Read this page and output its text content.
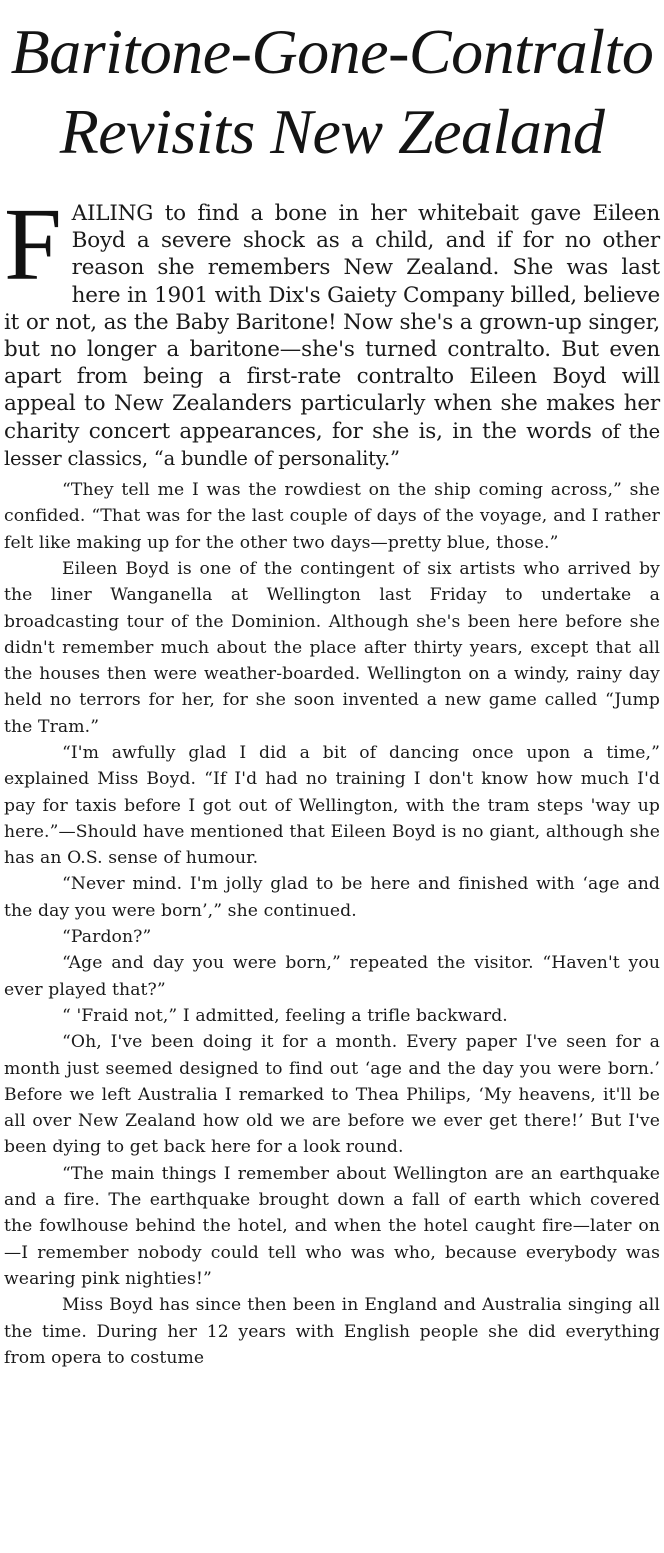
Baritone-Gone-Contralto
Revisits New Zealand

FAILING to find a bone in her whitebait gave Eileen Boyd a severe shock as a child, and if for no other reason she remembers New Zealand. She was last here in 1901 with Dix's Gaiety Company billed, believe it or not, as the Baby Baritone! Now she's a grown-up singer, but no longer a baritone—she's turned contralto. But even apart from being a first-rate contralto Eileen Boyd will appeal to New Zealanders particularly when she makes her charity concert appearances, for she is, in the words of the lesser classics, “a bundle of personality.”

“They tell me I was the rowdiest on the ship coming across,” she confided. “That was for the last couple of days of the voyage, and I rather felt like making up for the other two days—pretty blue, those.”

Eileen Boyd is one of the contingent of six artists who arrived by the liner Wanganella at Wellington last Friday to undertake a broadcasting tour of the Dominion. Although she's been here before she didn't remember much about the place after thirty years, except that all the houses then were weather-boarded. Wellington on a windy, rainy day held no terrors for her, for she soon invented a new game called “Jump the Tram.”

“I'm awfully glad I did a bit of dancing once upon a time,” explained Miss Boyd. “If I'd had no training I don't know how much I'd pay for taxis before I got out of Wellington, with the tram steps 'way up here.”—Should have mentioned that Eileen Boyd is no giant, although she has an O.S. sense of humour.

“Never mind. I'm jolly glad to be here and finished with ‘age and the day you were born’,” she continued.

“Pardon?”

“Age and day you were born,” repeated the visitor. “Haven't you ever played that?”

“ 'Fraid not,” I admitted, feeling a trifle backward.

“Oh, I've been doing it for a month. Every paper I've seen for a month just seemed designed to find out ‘age and the day you were born.’ Before we left Australia I remarked to Thea Philips, ‘My heavens, it'll be all over New Zealand how old we are before we ever get there!’ But I've been dying to get back here for a look round.

“The main things I remember about Wellington are an earthquake and a fire. The earthquake brought down a fall of earth which covered the fowlhouse behind the hotel, and when the hotel caught fire—later on—I remember nobody could tell who was who, because everybody was wearing pink nighties!”

Miss Boyd has since then been in England and Australia singing all the time. During her 12 years with English people she did everything from opera to costume
